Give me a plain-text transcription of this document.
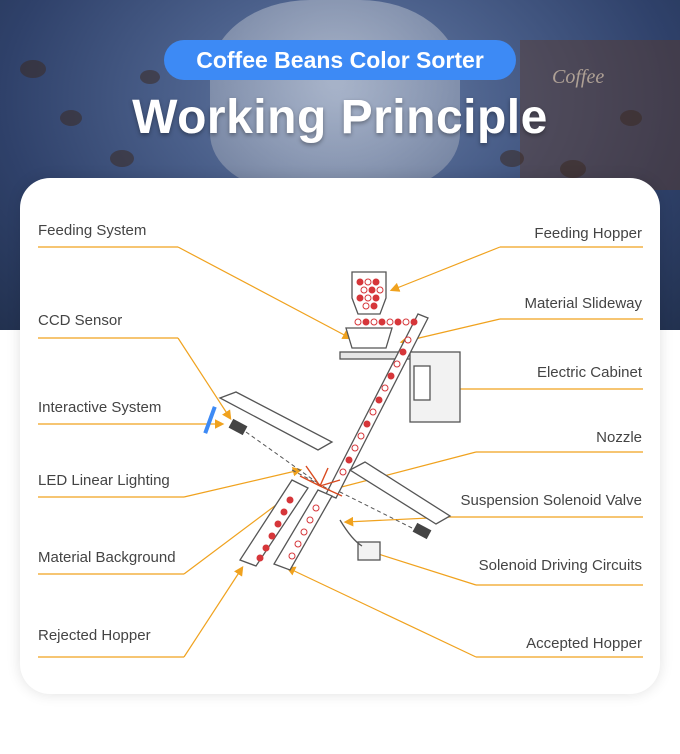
Coffee
Coffee Beans Color Sorter
Working Principle
Feeding System
CCD Sensor
Interactive System
LED Linear Lighting
Material Background
Rejected Hopper
Feeding Hopper
Material Slideway
Electric Cabinet
Nozzle
Suspension Solenoid Valve
Solenoid Driving Circuits
Accepted Hopper
